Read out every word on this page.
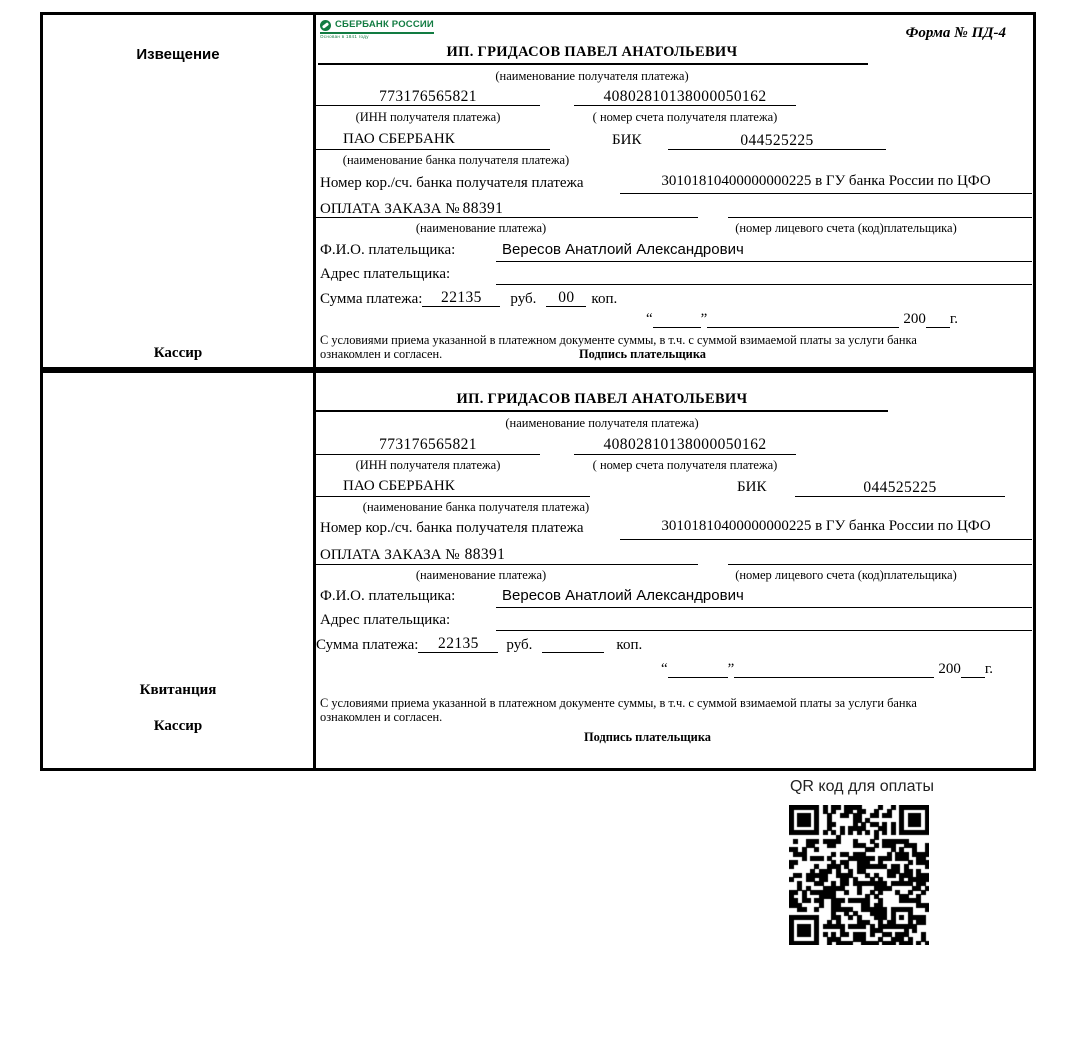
Извещение
Кассир
СБЕРБАНК РОССИИ
Основан в 1841 году	Форма № ПД-4
ИП. ГРИДАСОВ ПАВЕЛ АНАТОЛЬЕВИЧ
(наименование получателя платежа)
773176565821	40802810138000050162
(ИНН получателя платежа)	( номер счета получателя платежа)
ПАО СБЕРБАНК	БИК	044525225
(наименование банка получателя платежа)
Номер кор./сч. банка получателя платежа	30101810400000000225 в ГУ банка России по ЦФО
ОПЛАТА ЗАКАЗА № 88391
(наименование платежа)	(номер лицевого счета (код)плательщика)
Ф.И.О. плательщика:	Вересов Анатлоий Александрович
Адрес плательщика:
Сумма платежа:	22135	руб.	00	коп.
“	”	200 г.
С условиями приема указанной в платежном документе суммы, в т.ч. с суммой взимаемой платы за услуги банка
ознакомлен и согласен.	Подпись плательщика
Квитанция
Кассир
ИП. ГРИДАСОВ ПАВЕЛ АНАТОЛЬЕВИЧ
(наименование получателя платежа)
773176565821	40802810138000050162
(ИНН получателя платежа)	( номер счета получателя платежа)
ПАО СБЕРБАНК	БИК	044525225
(наименование банка получателя платежа)
Номер кор./сч. банка получателя платежа	30101810400000000225 в ГУ банка России по ЦФО
ОПЛАТА ЗАКАЗА № 88391
(наименование платежа)	(номер лицевого счета (код)плательщика)
Ф.И.О. плательщика:	Вересов Анатлоий Александрович
Адрес плательщика:
Сумма платежа:	22135	руб.	коп.
“	”	200 г.
С условиями приема указанной в платежном документе суммы, в т.ч. с суммой взимаемой платы за услуги банка
ознакомлен и согласен.
Подпись плательщика
QR код для оплаты
